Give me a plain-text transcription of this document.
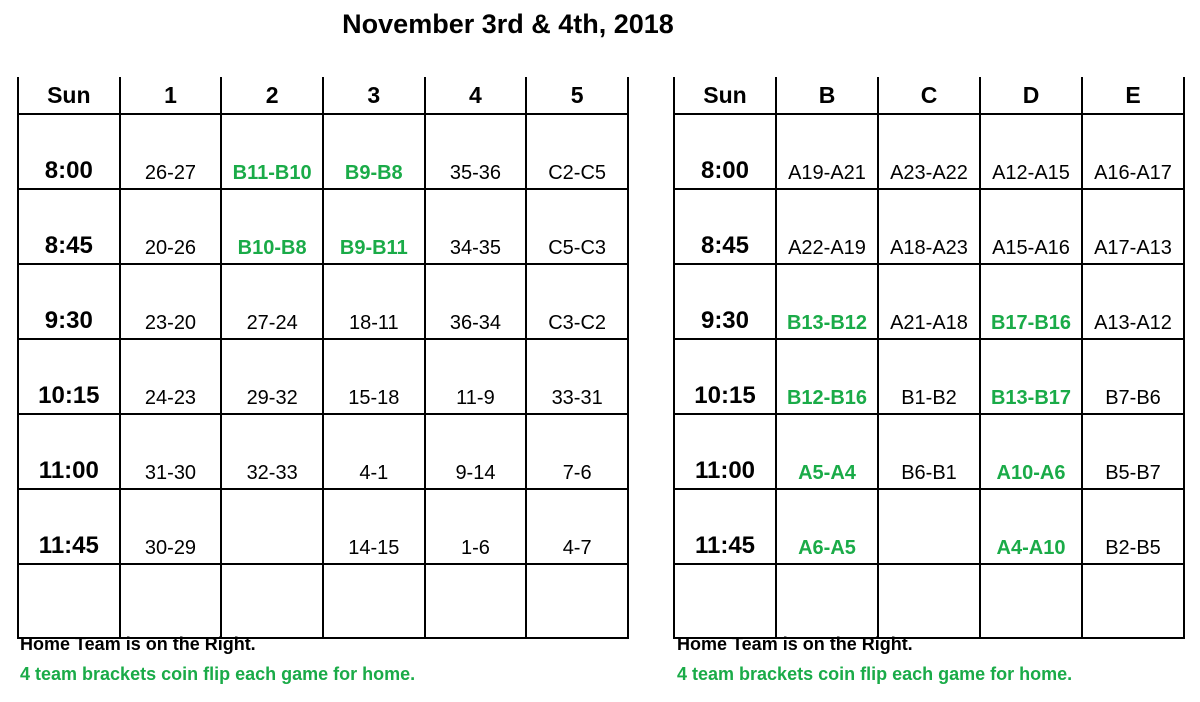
November 3rd & 4th, 2018
Sun	1	2	3	4	5
8:00	26-27	B11-B10	B9-B8	35-36	C2-C5
8:45	20-26	B10-B8	B9-B11	34-35	C5-C3
9:30	23-20	27-24	18-11	36-34	C3-C2
10:15	24-23	29-32	15-18	11-9	33-31
11:00	31-30	32-33	4-1	9-14	7-6
11:45	30-29		14-15	1-6	4-7

Sun	B	C	D	E
8:00	A19-A21	A23-A22	A12-A15	A16-A17
8:45	A22-A19	A18-A23	A15-A16	A17-A13
9:30	B13-B12	A21-A18	B17-B16	A13-A12
10:15	B12-B16	B1-B2	B13-B17	B7-B6
11:00	A5-A4	B6-B1	A10-A6	B5-B7
11:45	A6-A5		A4-A10	B2-B5

Home Team is on the Right.
4 team brackets coin flip each game for home.
Home Team is on the Right.
4 team brackets coin flip each game for home.
